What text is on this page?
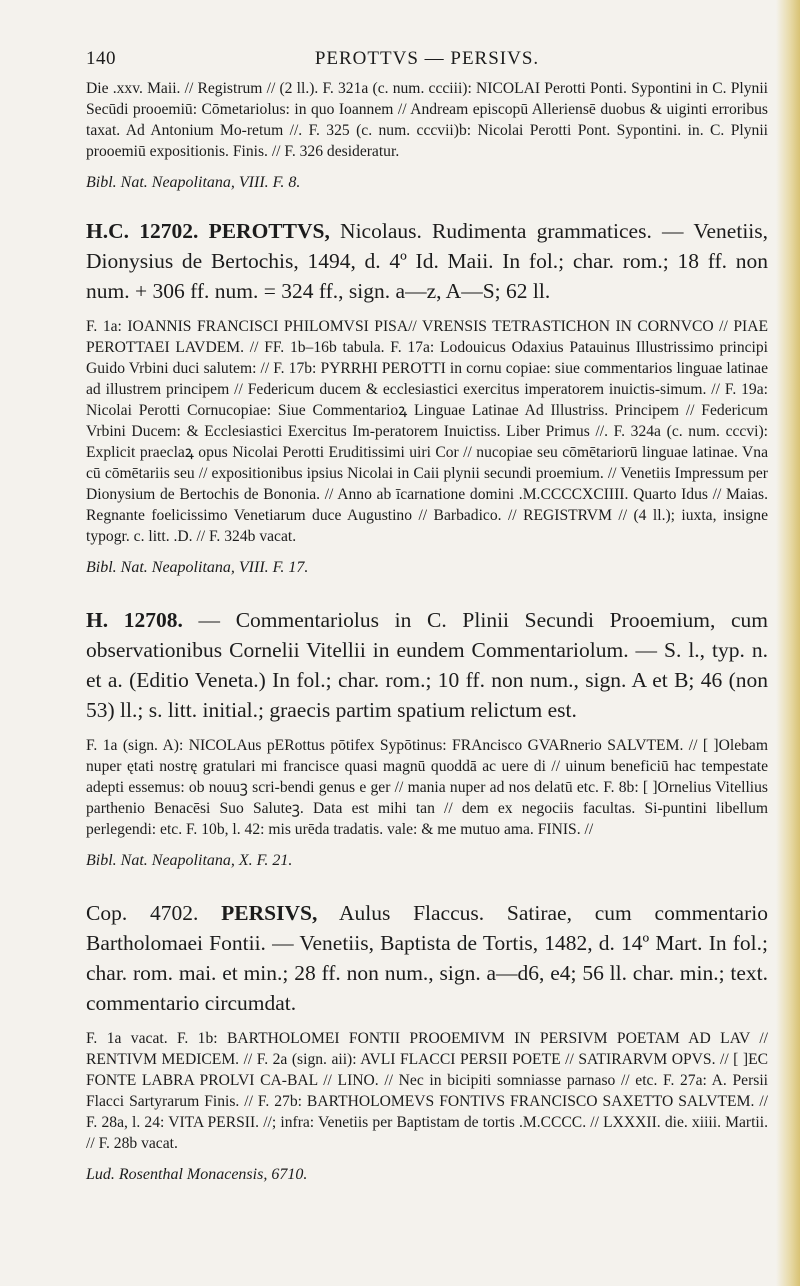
140	PEROTTVS — PERSIVS.

Die .xxv. Maii. // Registrum // (2 ll.). F. 321a (c. num. ccciii): NICOLAI Perotti Ponti. Sypontini in C. Plynii Secūdi prooemiū: Cōmetariolus: in quo Ioannem // Andream episcopū Alleriensē duobus & uiginti erroribus taxat. Ad Antonium Mo-retum //. F. 325 (c. num. cccvii)b: Nicolai Perotti Pont. Sypontini. in. C. Plynii prooemiū expositionis. Finis. // F. 326 desideratur.

Bibl. Nat. Neapolitana, VIII. F. 8.

H.C. 12702. PEROTTVS, Nicolaus. Rudimenta grammatices. — Venetiis, Dionysius de Bertochis, 1494, d. 4º Id. Maii. In fol.; char. rom.; 18 ff. non num. + 306 ff. num. = 324 ff., sign. a—z, A—S; 62 ll.

F. 1a: IOANNIS FRANCISCI PHILOMVSI PISA// VRENSIS TETRASTICHON IN CORNVCO // PIAE PEROTTAEI LAVDEM. // FF. 1b–16b tabula. F. 17a: Lodouicus Odaxius Patauinus Illustrissimo principi Guido Vrbini duci salutem: // F. 17b: PYRRHI PEROTTI in cornu copiae: siue commentarios linguae latinae ad illustrem principem // Federicum ducem & ecclesiastici exercitus imperatorem inuictis-simum. // F. 19a: Nicolai Perotti Cornucopiae: Siue Commentarioꝝ Linguae Latinae Ad Illustriss. Principem // Federicum Vrbini Ducem: & Ecclesiastici Exercitus Im-peratorem Inuictiss. Liber Primus //. F. 324a (c. num. cccvi): Explicit praeclaꝝ opus Nicolai Perotti Eruditissimi uiri Cor // nucopiae seu cōmētariorū linguae latinae. Vna cū cōmētariis seu // expositionibus ipsius Nicolai in Caii plynii secundi proemium. // Venetiis Impressum per Dionysium de Bertochis de Bononia. // Anno ab īcarnatione domini .M.CCCCXCIIII. Quarto Idus // Maias. Regnante foelicissimo Venetiarum duce Augustino // Barbadico. // REGISTRVM // (4 ll.); iuxta, insigne typogr. c. litt. .D. // F. 324b vacat.

Bibl. Nat. Neapolitana, VIII. F. 17.

H. 12708. — Commentariolus in C. Plinii Secundi Prooemium, cum observationibus Cornelii Vitellii in eundem Commentariolum. — S. l., typ. n. et a. (Editio Veneta.) In fol.; char. rom.; 10 ff. non num., sign. A et B; 46 (non 53) ll.; s. litt. initial.; graecis partim spatium relictum est.

F. 1a (sign. A): NICOLAus pERottus pōtifex Sypōtinus: FRAncisco GVARnerio SALVTEM. // [ ]Olebam nuper ętati nostrę gratulari mi francisce quasi magnū quoddā ac uere di // uinum beneficiū hac tempestate adepti essemus: ob nouuꝫ scri-bendi genus e ger // mania nuper ad nos delatū etc. F. 8b: [ ]Ornelius Vitellius parthenio Benacēsi Suo Saluteꝫ. Data est mihi tan // dem ex negociis facultas. Si-puntini libellum perlegendi: etc. F. 10b, l. 42: mis urēda tradatis. vale: & me mutuo ama. FINIS. //

Bibl. Nat. Neapolitana, X. F. 21.

Cop. 4702. PERSIVS, Aulus Flaccus. Satirae, cum commentario Bartholomaei Fontii. — Venetiis, Baptista de Tortis, 1482, d. 14º Mart. In fol.; char. rom. mai. et min.; 28 ff. non num., sign. a—d6, e4; 56 ll. char. min.; text. commentario circumdat.

F. 1a vacat. F. 1b: BARTHOLOMEI FONTII PROOEMIVM IN PERSIVM POETAM AD LAV // RENTIVM MEDICEM. // F. 2a (sign. aii): AVLI FLACCI PERSII POETE // SATIRARVM OPVS. // [ ]EC FONTE LABRA PROLVI CA-BAL // LINO. // Nec in bicipiti somniasse parnaso // etc. F. 27a: A. Persii Flacci Sartyrarum Finis. // F. 27b: BARTHOLOMEVS FONTIVS FRANCISCO SAXETTO SALVTEM. // F. 28a, l. 24: VITA PERSII. //; infra: Venetiis per Baptistam de tortis .M.CCCC. // LXXXII. die. xiiii. Martii. // F. 28b vacat.

Lud. Rosenthal Monacensis, 6710.
